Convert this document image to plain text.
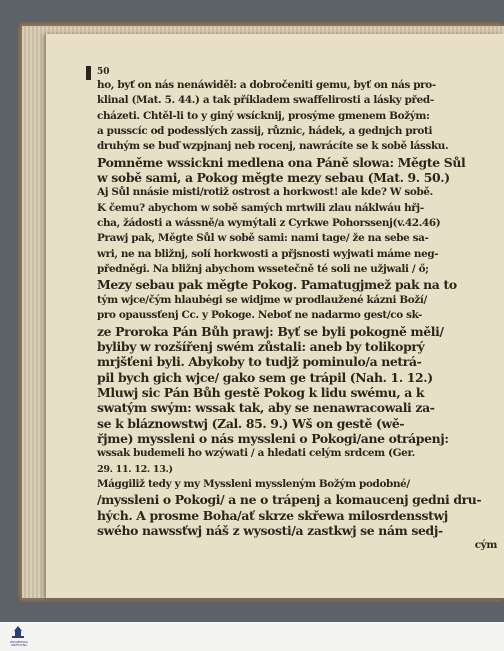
50
ho, byť on nás nenáwiděl: a dobročeniti gemu, byť on nás pro-
klinal (Mat. 5. 44.) a tak příkladem swaffelirosti a lásky před-
cházeti. Chtěl-li to y giný wsícknij, prosýme gmenem Božým:
a pusscíc od podesslých zassij, různic, hádek, a gednjch proti
druhým se buď wzpjnanj neb rocenj, nawrácíte se k sobě lássku.
Pomněme wssickni medlena ona Páně slowa: Měgte Sůl
w sobě sami, a Pokog měgte mezy sebau (Mat. 9. 50.)
Aj Sůl nnásie misti/rotiž ostrost a horkwost! ale kde? W sobě.
K čemu? abychom w sobě samých mrtwili zlau náklwáu hřj-
cha, žádosti a wássně/a wymýtali z Cyrkwe Pohorssenj(v.42.46)
Prawj pak, Měgte Sůl w sobě sami: nami tage/ že na sebe sa-
wri, ne na bližnj, solí horkwosti a přjsnosti wyjwati máme neg-
předněgi. Na bližnj abychom wssetečně té soli ne užjwali / ő;
Mezy sebau pak měgte Pokog. Pamatugjmež pak na to
tým wjce/čým hlaubėgi se widjme w prodlaužené kázni Boží/
pro opaussťenj Cc. y Pokoge. Neboť ne nadarmo gest/co sk-
ze Proroka Pán Bůh prawj: Byť se byli pokogně měli/
byliby w rozšířenj swém zůstali: aneb by tolikoprý
mrjšťeni byli. Abykoby to tudjž pominulo/a netrá-
pil bych gich wjce/ gako sem ge trápil (Nah. 1. 12.)
Mluwj sic Pán Bůh gestě Pokog k lidu swému, a k
swatým swým: wssak tak, aby se nenawracowali za-
se k bláznowstwj (Zal. 85. 9.) Wš on gestě (wě-
řjme) myssleni o nás myssleni o Pokogi/ane otrápenj:
wssak budemeli ho wzýwati / a hledati celým srdcem (Ger.
29. 11. 12. 13.)
Mággiliž tedy y my Myssleni myssleným Božým podobné/
/myssleni o Pokogi/ a ne o trápenj a komaucenj gedni dru-
hých. A prosme Boha/ať skrze skřewa milosrdensstwj
swého nawssťwj náš z wysosti/a zastkwj se nám sedj-
cým
ZNOJEMSKÁ KNIHOVNA
